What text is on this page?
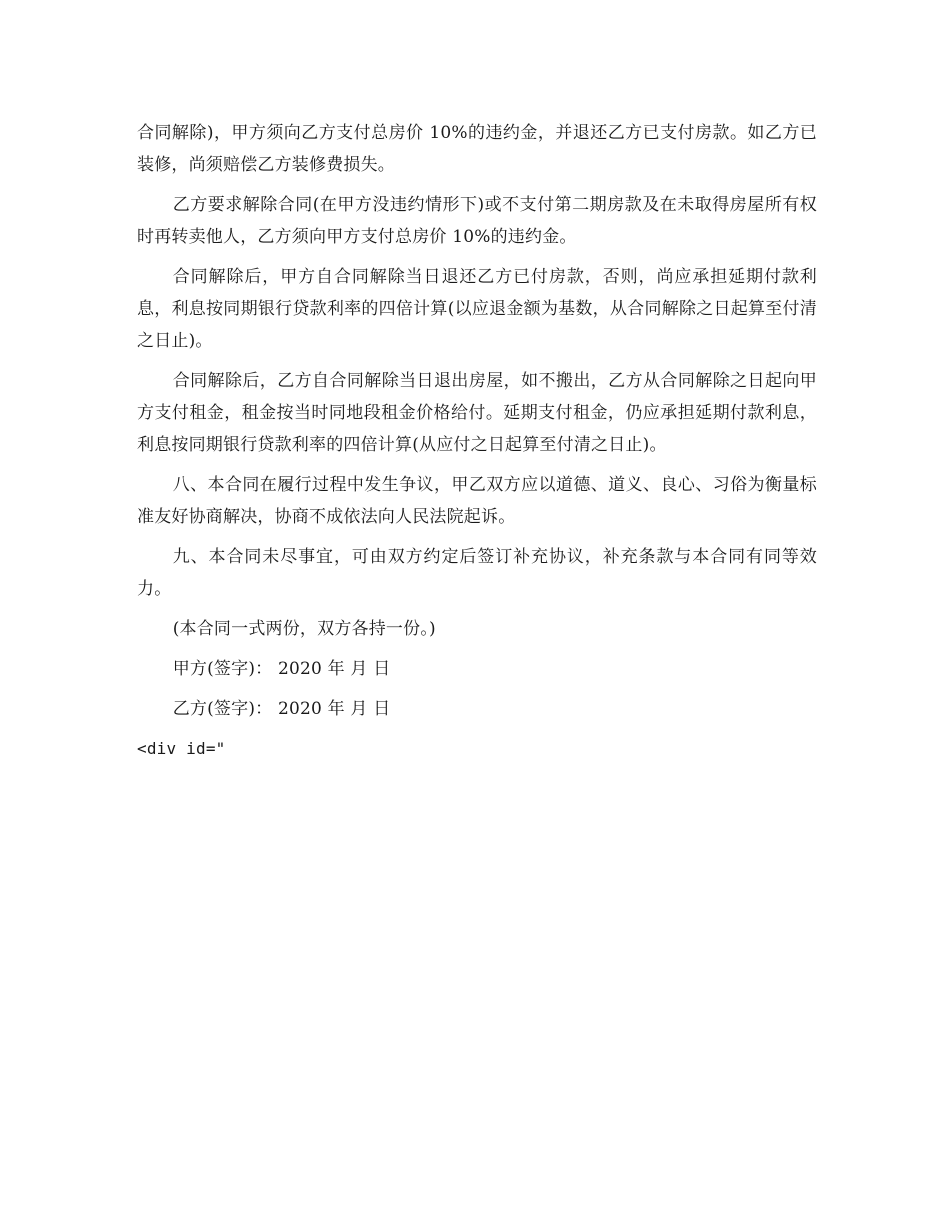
合同解除)，甲方须向乙方支付总房价 10%的违约金，并退还乙方已支付房款。如乙方已装修，尚须赔偿乙方装修费损失。

乙方要求解除合同(在甲方没违约情形下)或不支付第二期房款及在未取得房屋所有权时再转卖他人，乙方须向甲方支付总房价 10%的违约金。

合同解除后，甲方自合同解除当日退还乙方已付房款，否则，尚应承担延期付款利息，利息按同期银行贷款利率的四倍计算(以应退金额为基数，从合同解除之日起算至付清之日止)。

合同解除后，乙方自合同解除当日退出房屋，如不搬出，乙方从合同解除之日起向甲方支付租金，租金按当时同地段租金价格给付。延期支付租金，仍应承担延期付款利息，利息按同期银行贷款利率的四倍计算(从应付之日起算至付清之日止)。

八、本合同在履行过程中发生争议，甲乙双方应以道德、道义、良心、习俗为衡量标准友好协商解决，协商不成依法向人民法院起诉。

九、本合同未尽事宜，可由双方约定后签订补充协议，补充条款与本合同有同等效力。

(本合同一式两份，双方各持一份。)

甲方(签字)： 2020 年 月 日

乙方(签字)： 2020 年 月 日

<div id="
